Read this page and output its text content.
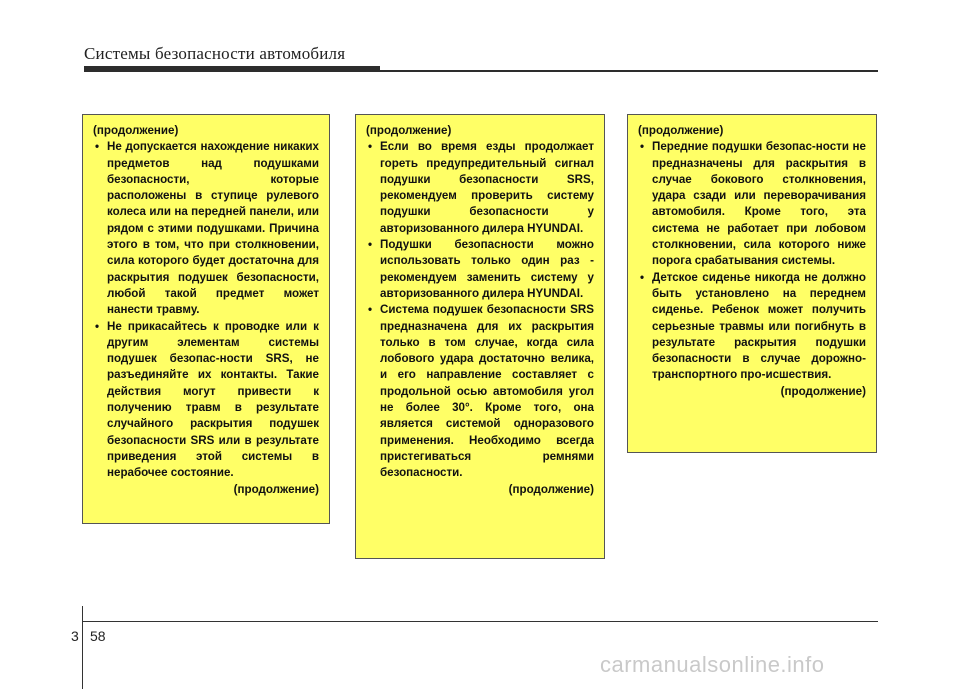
Системы безопасности автомобиля
(продолжение)
• Не допускается нахождение никаких предметов над подушками безопасности, которые расположены в ступице рулевого колеса или на передней панели, или рядом с этими подушками. Причина этого в том, что при столкновении, сила которого будет достаточна для раскрытия подушек безопасности, любой такой предмет может нанести травму.
• Не прикасайтесь к проводке или к другим элементам системы подушек безопас-ности SRS, не разъединяйте их контакты. Такие действия могут привести к получению травм в результате случайного раскрытия подушек безопасности SRS или в результате приведения этой системы в нерабочее состояние.
(продолжение)
(продолжение)
• Если во время езды продолжает гореть предупредительный сигнал подушки безопасности SRS, рекомендуем проверить систему подушки безопасности у авторизованного дилера HYUNDAI.
• Подушки безопасности можно использовать только один раз - рекомендуем заменить систему у авторизованного дилера HYUNDAI.
• Система подушек безопасности SRS предназначена для их раскрытия только в том случае, когда сила лобового удара достаточно велика, и его направление составляет с продольной осью автомобиля угол не более 30°. Кроме того, она является системой одноразового применения. Необходимо всегда пристегиваться ремнями безопасности.
(продолжение)
(продолжение)
• Передние подушки безопас-ности не предназначены для раскрытия в случае бокового столкновения, удара сзади или переворачивания автомобиля. Кроме того, эта система не работает при лобовом столкновении, сила которого ниже порога срабатывания системы.
• Детское сиденье никогда не должно быть установлено на переднем сиденье. Ребенок может получить серьезные травмы или погибнуть в результате раскрытия подушки безопасности в случае дорожно-транспортного про-исшествия.
(продолжение)
3 58
carmanualsonline.info
